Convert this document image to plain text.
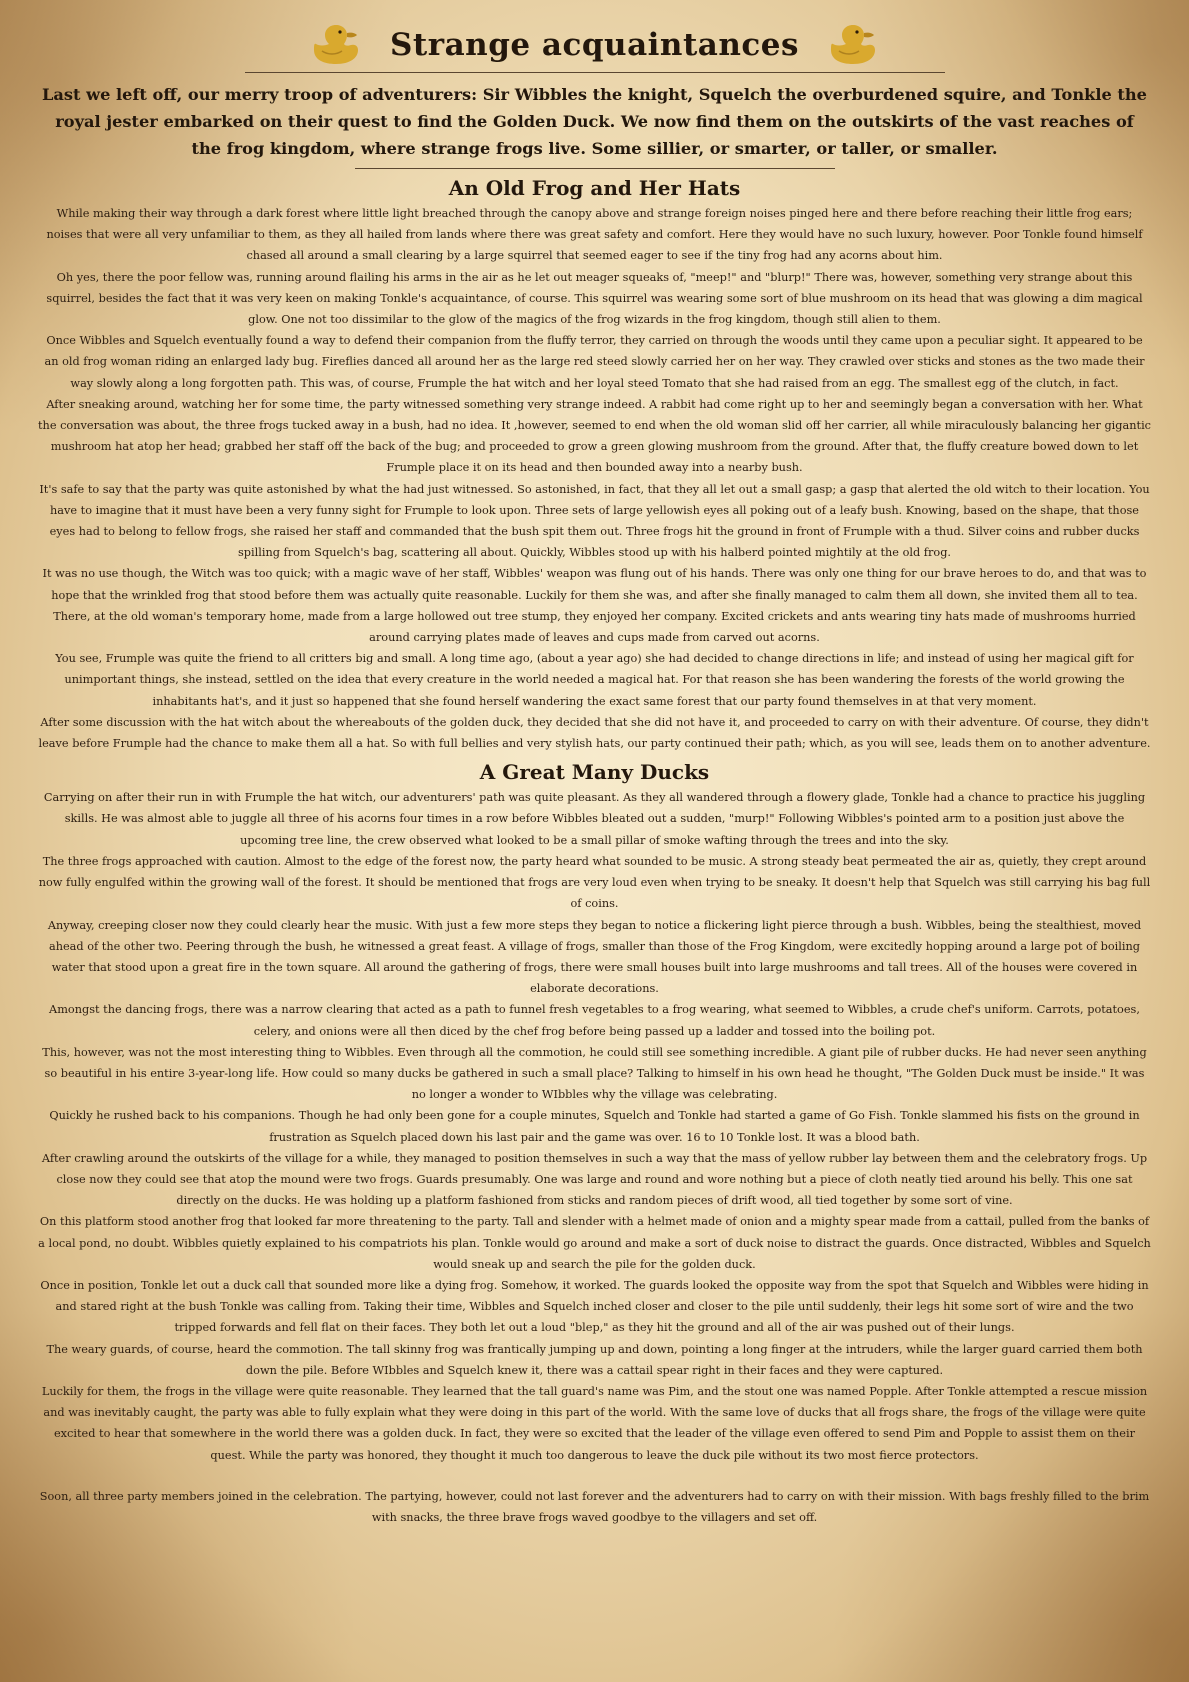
Strange acquaintances

Last we left off, our merry troop of adventurers: Sir Wibbles the knight, Squelch the overburdened squire, and Tonkle the royal jester embarked on their quest to find the Golden Duck. We now find them on the outskirts of the vast reaches of the frog kingdom, where strange frogs live. Some sillier, or smarter, or taller, or smaller.

An Old Frog and Her Hats

While making their way through a dark forest where little light breached through the canopy above and strange foreign noises pinged here and there before reaching their little frog ears; noises that were all very unfamiliar to them, as they all hailed from lands where there was great safety and comfort. Here they would have no such luxury, however. Poor Tonkle found himself chased all around a small clearing by a large squirrel that seemed eager to see if the tiny frog had any acorns about him.

Oh yes, there the poor fellow was, running around flailing his arms in the air as he let out meager squeaks of, "meep!" and "blurp!" There was, however, something very strange about this squirrel, besides the fact that it was very keen on making Tonkle's acquaintance, of course. This squirrel was wearing some sort of blue mushroom on its head that was glowing a dim magical glow. One not too dissimilar to the glow of the magics of the frog wizards in the frog kingdom, though still alien to them.

Once Wibbles and Squelch eventually found a way to defend their companion from the fluffy terror, they carried on through the woods until they came upon a peculiar sight. It appeared to be an old frog woman riding an enlarged lady bug. Fireflies danced all around her as the large red steed slowly carried her on her way. They crawled over sticks and stones as the two made their way slowly along a long forgotten path. This was, of course, Frumple the hat witch and her loyal steed Tomato that she had raised from an egg. The smallest egg of the clutch, in fact.

After sneaking around, watching her for some time, the party witnessed something very strange indeed. A rabbit had come right up to her and seemingly began a conversation with her. What the conversation was about, the three frogs tucked away in a bush, had no idea. It ,however, seemed to end when the old woman slid off her carrier, all while miraculously balancing her gigantic mushroom hat atop her head; grabbed her staff off the back of the bug; and proceeded to grow a green glowing mushroom from the ground. After that, the fluffy creature bowed down to let Frumple place it on its head and then bounded away into a nearby bush.

It's safe to say that the party was quite astonished by what the had just witnessed. So astonished, in fact, that they all let out a small gasp; a gasp that alerted the old witch to their location. You have to imagine that it must have been a very funny sight for Frumple to look upon. Three sets of large yellowish eyes all poking out of a leafy bush. Knowing, based on the shape, that those eyes had to belong to fellow frogs, she raised her staff and commanded that the bush spit them out. Three frogs hit the ground in front of Frumple with a thud. Silver coins and rubber ducks spilling from Squelch's bag, scattering all about. Quickly, Wibbles stood up with his halberd pointed mightily at the old frog.

It was no use though, the Witch was too quick; with a magic wave of her staff, Wibbles' weapon was flung out of his hands. There was only one thing for our brave heroes to do, and that was to hope that the wrinkled frog that stood before them was actually quite reasonable. Luckily for them she was, and after she finally managed to calm them all down, she invited them all to tea. There, at the old woman's temporary home, made from a large hollowed out tree stump, they enjoyed her company. Excited crickets and ants wearing tiny hats made of mushrooms hurried around carrying plates made of leaves and cups made from carved out acorns.

You see, Frumple was quite the friend to all critters big and small. A long time ago, (about a year ago) she had decided to change directions in life; and instead of using her magical gift for unimportant things, she instead, settled on the idea that every creature in the world needed a magical hat. For that reason she has been wandering the forests of the world growing the inhabitants hat's, and it just so happened that she found herself wandering the exact same forest that our party found themselves in at that very moment.

After some discussion with the hat witch about the whereabouts of the golden duck, they decided that she did not have it, and proceeded to carry on with their adventure. Of course, they didn't leave before Frumple had the chance to make them all a hat. So with full bellies and very stylish hats, our party continued their path; which, as you will see, leads them on to another adventure.

A Great Many Ducks

Carrying on after their run in with Frumple the hat witch, our adventurers' path was quite pleasant. As they all wandered through a flowery glade, Tonkle had a chance to practice his juggling skills. He was almost able to juggle all three of his acorns four times in a row before Wibbles bleated out a sudden, "murp!" Following Wibbles's pointed arm to a position just above the upcoming tree line, the crew observed what looked to be a small pillar of smoke wafting through the trees and into the sky.

The three frogs approached with caution. Almost to the edge of the forest now, the party heard what sounded to be music. A strong steady beat permeated the air as, quietly, they crept around now fully engulfed within the growing wall of the forest. It should be mentioned that frogs are very loud even when trying to be sneaky. It doesn't help that Squelch was still carrying his bag full of coins.

Anyway, creeping closer now they could clearly hear the music. With just a few more steps they began to notice a flickering light pierce through a bush. Wibbles, being the stealthiest, moved ahead of the other two. Peering through the bush, he witnessed a great feast. A village of frogs, smaller than those of the Frog Kingdom, were excitedly hopping around a large pot of boiling water that stood upon a great fire in the town square. All around the gathering of frogs, there were small houses built into large mushrooms and tall trees. All of the houses were covered in elaborate decorations.

Amongst the dancing frogs, there was a narrow clearing that acted as a path to funnel fresh vegetables to a frog wearing, what seemed to Wibbles, a crude chef's uniform. Carrots, potatoes, celery, and onions were all then diced by the chef frog before being passed up a ladder and tossed into the boiling pot.

This, however, was not the most interesting thing to Wibbles. Even through all the commotion, he could still see something incredible. A giant pile of rubber ducks. He had never seen anything so beautiful in his entire 3-year-long life. How could so many ducks be gathered in such a small place? Talking to himself in his own head he thought, "The Golden Duck must be inside." It was no longer a wonder to WIbbles why the village was celebrating.

Quickly he rushed back to his companions. Though he had only been gone for a couple minutes, Squelch and Tonkle had started a game of Go Fish. Tonkle slammed his fists on the ground in frustration as Squelch placed down his last pair and the game was over. 16 to 10 Tonkle lost. It was a blood bath.

After crawling around the outskirts of the village for a while, they managed to position themselves in such a way that the mass of yellow rubber lay between them and the celebratory frogs. Up close now they could see that atop the mound were two frogs. Guards presumably. One was large and round and wore nothing but a piece of cloth neatly tied around his belly. This one sat directly on the ducks. He was holding up a platform fashioned from sticks and random pieces of drift wood, all tied together by some sort of vine.

On this platform stood another frog that looked far more threatening to the party. Tall and slender with a helmet made of onion and a mighty spear made from a cattail, pulled from the banks of a local pond, no doubt. Wibbles quietly explained to his compatriots his plan. Tonkle would go around and make a sort of duck noise to distract the guards. Once distracted, Wibbles and Squelch would sneak up and search the pile for the golden duck.

Once in position, Tonkle let out a duck call that sounded more like a dying frog. Somehow, it worked. The guards looked the opposite way from the spot that Squelch and Wibbles were hiding in and stared right at the bush Tonkle was calling from. Taking their time, Wibbles and Squelch inched closer and closer to the pile until suddenly, their legs hit some sort of wire and the two tripped forwards and fell flat on their faces. They both let out a loud "blep," as they hit the ground and all of the air was pushed out of their lungs.

The weary guards, of course, heard the commotion. The tall skinny frog was frantically jumping up and down, pointing a long finger at the intruders, while the larger guard carried them both down the pile. Before WIbbles and Squelch knew it, there was a cattail spear right in their faces and they were captured.

Luckily for them, the frogs in the village were quite reasonable. They learned that the tall guard's name was Pim, and the stout one was named Popple. After Tonkle attempted a rescue mission and was inevitably caught, the party was able to fully explain what they were doing in this part of the world. With the same love of ducks that all frogs share, the frogs of the village were quite excited to hear that somewhere in the world there was a golden duck. In fact, they were so excited that the leader of the village even offered to send Pim and Popple to assist them on their quest. While the party was honored, they thought it much too dangerous to leave the duck pile without its two most fierce protectors.

Soon, all three party members joined in the celebration. The partying, however, could not last forever and the adventurers had to carry on with their mission. With bags freshly filled to the brim with snacks, the three brave frogs waved goodbye to the villagers and set off.
